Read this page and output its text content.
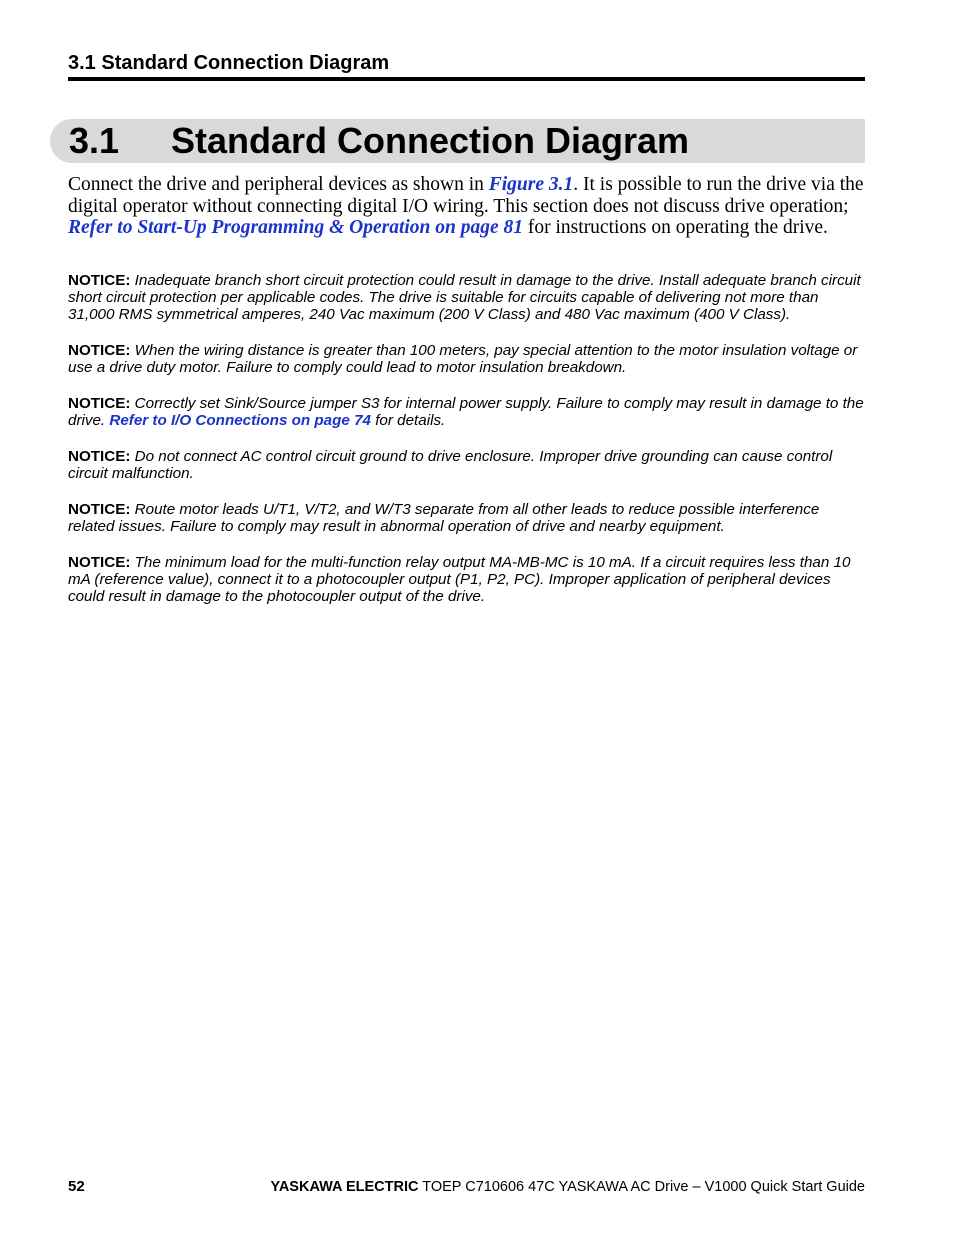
3.1 Standard Connection Diagram
3.1 Standard Connection Diagram

Connect the drive and peripheral devices as shown in Figure 3.1. It is possible to run the drive via the digital operator without connecting digital I/O wiring. This section does not discuss drive operation; Refer to Start-Up Programming & Operation on page 81 for instructions on operating the drive.

NOTICE: Inadequate branch short circuit protection could result in damage to the drive. Install adequate branch circuit short circuit protection per applicable codes. The drive is suitable for circuits capable of delivering not more than 31,000 RMS symmetrical amperes, 240 Vac maximum (200 V Class) and 480 Vac maximum (400 V Class).

NOTICE: When the wiring distance is greater than 100 meters, pay special attention to the motor insulation voltage or use a drive duty motor. Failure to comply could lead to motor insulation breakdown.

NOTICE: Correctly set Sink/Source jumper S3 for internal power supply. Failure to comply may result in damage to the drive. Refer to I/O Connections on page 74 for details.

NOTICE: Do not connect AC control circuit ground to drive enclosure. Improper drive grounding can cause control circuit malfunction.

NOTICE: Route motor leads U/T1, V/T2, and W/T3 separate from all other leads to reduce possible interference related issues. Failure to comply may result in abnormal operation of drive and nearby equipment.

NOTICE: The minimum load for the multi-function relay output MA-MB-MC is 10 mA. If a circuit requires less than 10 mA (reference value), connect it to a photocoupler output (P1, P2, PC). Improper application of peripheral devices could result in damage to the photocoupler output of the drive.

52	YASKAWA ELECTRIC TOEP C710606 47C YASKAWA AC Drive – V1000 Quick Start Guide
